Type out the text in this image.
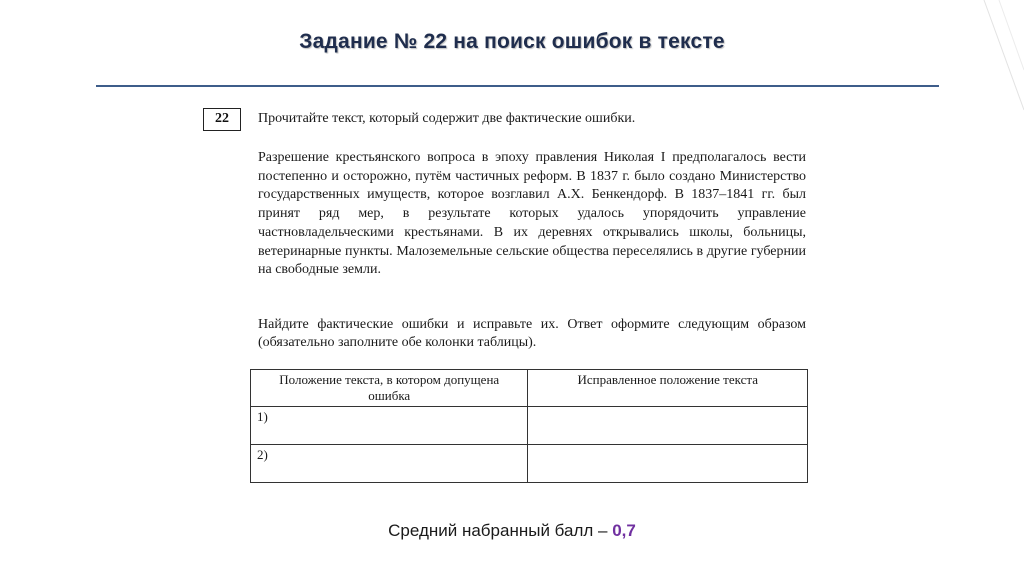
Задание № 22 на поиск ошибок в тексте
22	Прочитайте текст, который содержит две фактические ошибки.

Разрешение крестьянского вопроса в эпоху правления Николая I предполагалось вести постепенно и осторожно, путём частичных реформ. В 1837 г. было создано Министерство государственных имуществ, которое возглавил А.Х. Бенкендорф. В 1837–1841 гг. был принят ряд мер, в результате которых удалось упорядочить управление частновладельческими крестьянами. В их деревнях открывались школы, больницы, ветеринарные пункты. Малоземельные сельские общества переселялись в другие губернии на свободные земли.

Найдите фактические ошибки и исправьте их. Ответ оформите следующим образом (обязательно заполните обе колонки таблицы).

Положение текста, в котором допущена ошибка	Исправленное положение текста
1)	
2)	
Средний набранный балл – 0,7
